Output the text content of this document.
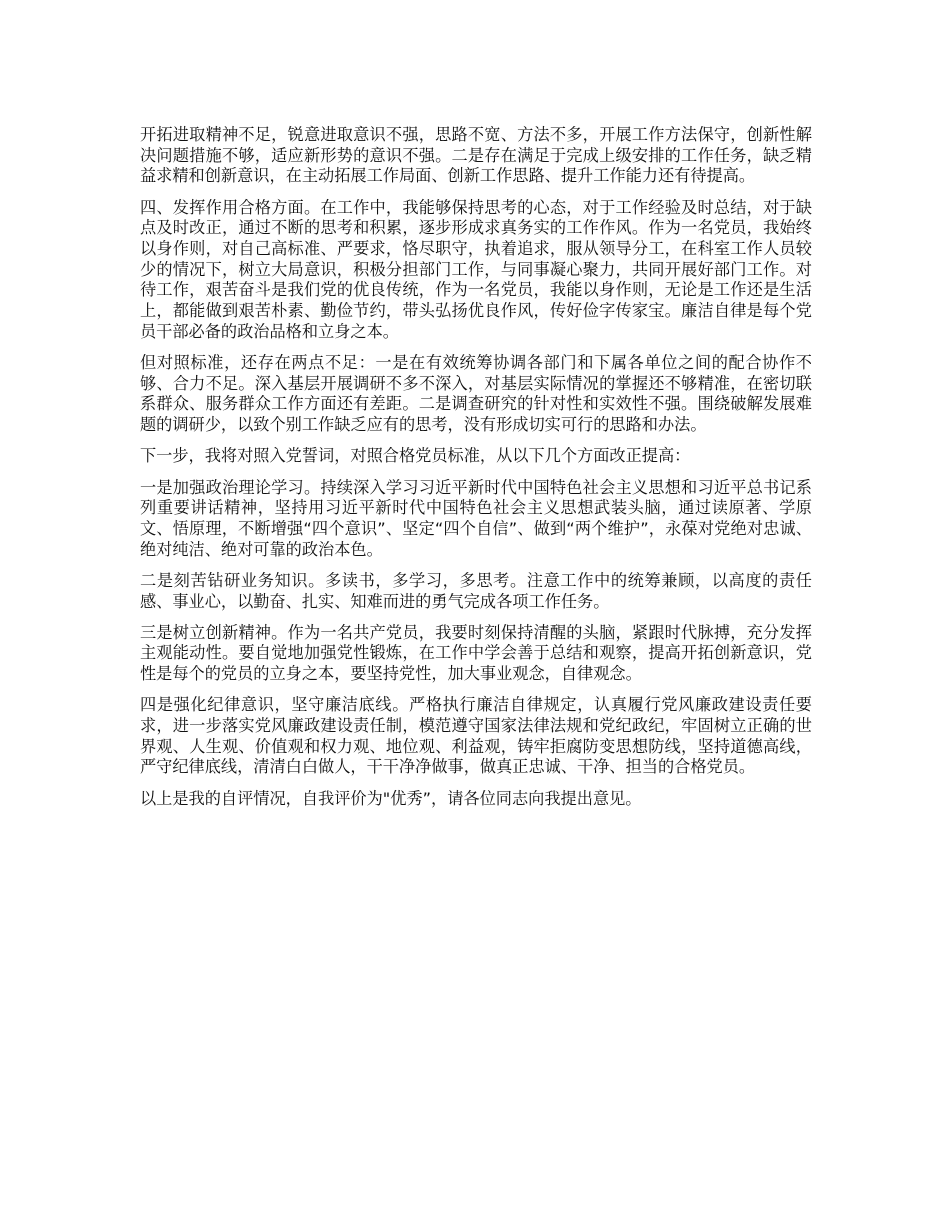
开拓进取精神不足，锐意进取意识不强，思路不宽、方法不多，开展工作方法保守，创新性解决问题措施不够，适应新形势的意识不强。二是存在满足于完成上级安排的工作任务，缺乏精益求精和创新意识，在主动拓展工作局面、创新工作思路、提升工作能力还有待提高。

四、发挥作用合格方面。在工作中，我能够保持思考的心态，对于工作经验及时总结，对于缺点及时改正，通过不断的思考和积累，逐步形成求真务实的工作作风。作为一名党员，我始终以身作则，对自己高标准、严要求，恪尽职守，执着追求，服从领导分工，在科室工作人员较少的情况下，树立大局意识，积极分担部门工作，与同事凝心聚力，共同开展好部门工作。对待工作，艰苦奋斗是我们党的优良传统，作为一名党员，我能以身作则，无论是工作还是生活上，都能做到艰苦朴素、勤俭节约，带头弘扬优良作风，传好俭字传家宝。廉洁自律是每个党员干部必备的政治品格和立身之本。

但对照标准，还存在两点不足：一是在有效统筹协调各部门和下属各单位之间的配合协作不够、合力不足。深入基层开展调研不多不深入，对基层实际情况的掌握还不够精准，在密切联系群众、服务群众工作方面还有差距。二是调查研究的针对性和实效性不强。围绕破解发展难题的调研少，以致个别工作缺乏应有的思考，没有形成切实可行的思路和办法。

下一步，我将对照入党誓词，对照合格党员标准，从以下几个方面改正提高：

一是加强政治理论学习。持续深入学习习近平新时代中国特色社会主义思想和习近平总书记系列重要讲话精神，坚持用习近平新时代中国特色社会主义思想武装头脑，通过读原著、学原文、悟原理，不断增强“四个意识”、坚定“四个自信”、做到“两个维护”，永葆对党绝对忠诚、绝对纯洁、绝对可靠的政治本色。

二是刻苦钻研业务知识。多读书，多学习，多思考。注意工作中的统筹兼顾，以高度的责任感、事业心，以勤奋、扎实、知难而进的勇气完成各项工作任务。

三是树立创新精神。作为一名共产党员，我要时刻保持清醒的头脑，紧跟时代脉搏，充分发挥主观能动性。要自觉地加强党性锻炼，在工作中学会善于总结和观察，提高开拓创新意识，党性是每个的党员的立身之本，要坚持党性，加大事业观念，自律观念。

四是强化纪律意识，坚守廉洁底线。严格执行廉洁自律规定，认真履行党风廉政建设责任要求，进一步落实党风廉政建设责任制，模范遵守国家法律法规和党纪政纪，牢固树立正确的世界观、人生观、价值观和权力观、地位观、利益观，铸牢拒腐防变思想防线，坚持道德高线，严守纪律底线，清清白白做人，干干净净做事，做真正忠诚、干净、担当的合格党员。

以上是我的自评情况，自我评价为"优秀”，请各位同志向我提出意见。
